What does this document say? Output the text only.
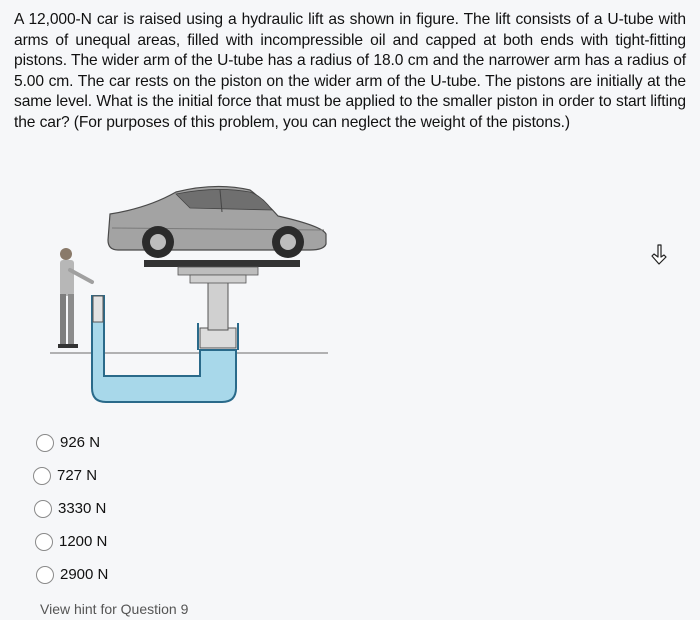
A 12,000-N car is raised using a hydraulic lift as shown in figure. The lift consists of a U-tube with arms of unequal areas, filled with incompressible oil and capped at both ends with tight-fitting pistons. The wider arm of the U-tube has a radius of 18.0 cm and the narrower arm has a radius of 5.00 cm. The car rests on the piston on the wider arm of the U-tube. The pistons are initially at the same level. What is the initial force that must be applied to the smaller piston in order to start lifting the car? (For purposes of this problem, you can neglect the weight of the pistons.)
926 N
727 N
3330 N
1200 N
2900 N
View hint for Question 9
